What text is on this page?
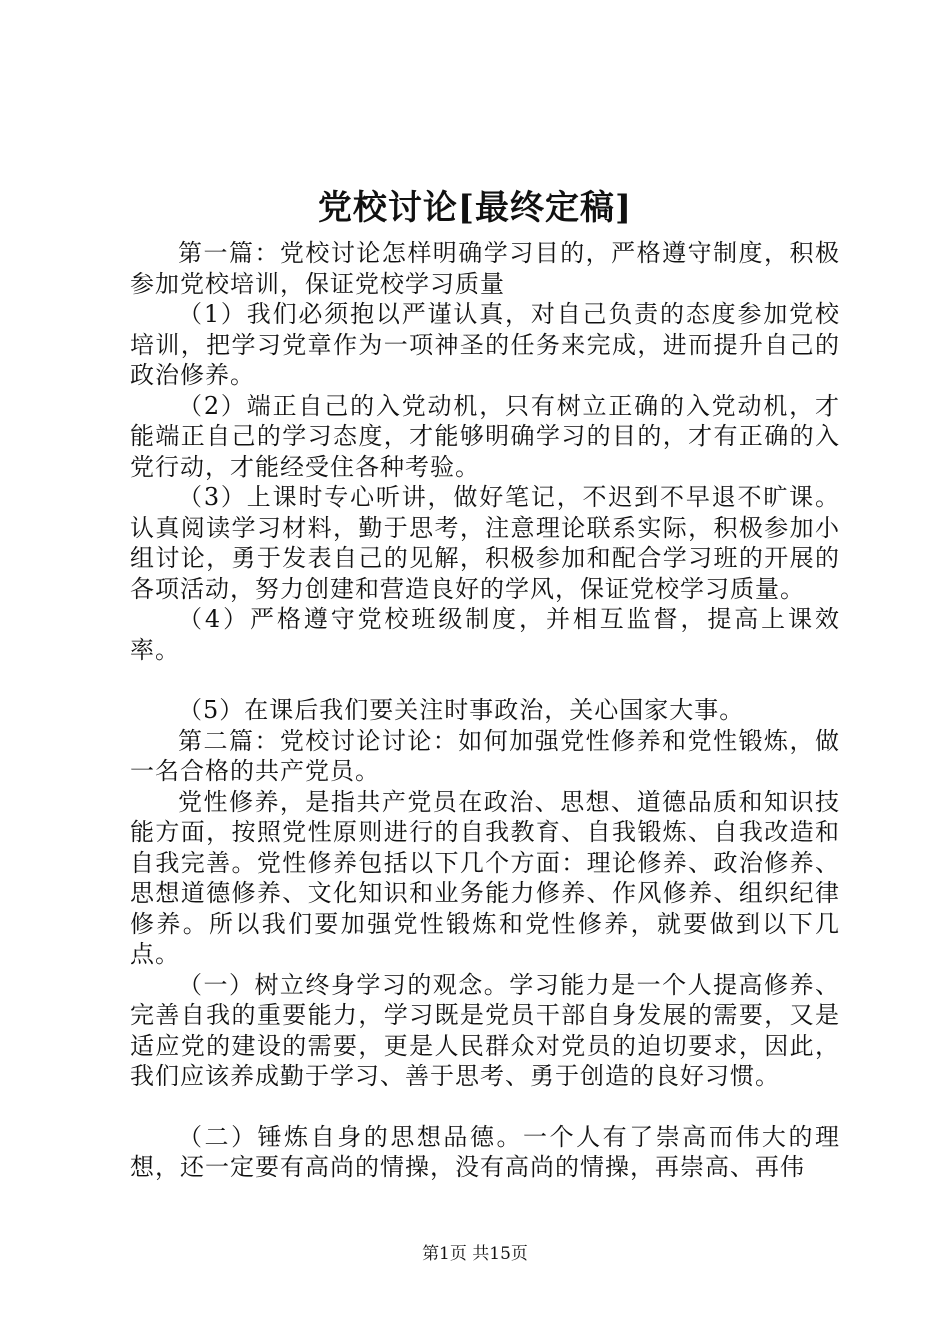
党校讨论[最终定稿]

第一篇：党校讨论怎样明确学习目的，严格遵守制度，积极参加党校培训，保证党校学习质量

（1）我们必须抱以严谨认真，对自己负责的态度参加党校培训，把学习党章作为一项神圣的任务来完成，进而提升自己的政治修养。

（2）端正自己的入党动机，只有树立正确的入党动机，才能端正自己的学习态度，才能够明确学习的目的，才有正确的入党行动，才能经受住各种考验。

（3）上课时专心听讲，做好笔记，不迟到不早退不旷课。认真阅读学习材料，勤于思考，注意理论联系实际，积极参加小组讨论，勇于发表自己的见解，积极参加和配合学习班的开展的各项活动，努力创建和营造良好的学风，保证党校学习质量。

（4）严格遵守党校班级制度，并相互监督，提高上课效率。

（5）在课后我们要关注时事政治，关心国家大事。

第二篇：党校讨论讨论：如何加强党性修养和党性锻炼，做一名合格的共产党员。

党性修养，是指共产党员在政治、思想、道德品质和知识技能方面，按照党性原则进行的自我教育、自我锻炼、自我改造和自我完善。党性修养包括以下几个方面：理论修养、政治修养、思想道德修养、文化知识和业务能力修养、作风修养、组织纪律修养。所以我们要加强党性锻炼和党性修养，就要做到以下几点。

（一）树立终身学习的观念。学习能力是一个人提高修养、完善自我的重要能力，学习既是党员干部自身发展的需要，又是适应党的建设的需要，更是人民群众对党员的迫切要求，因此，我们应该养成勤于学习、善于思考、勇于创造的良好习惯。

（二）锤炼自身的思想品德。一个人有了崇高而伟大的理想，还一定要有高尚的情操，没有高尚的情操，再崇高、再伟

第1页 共15页
